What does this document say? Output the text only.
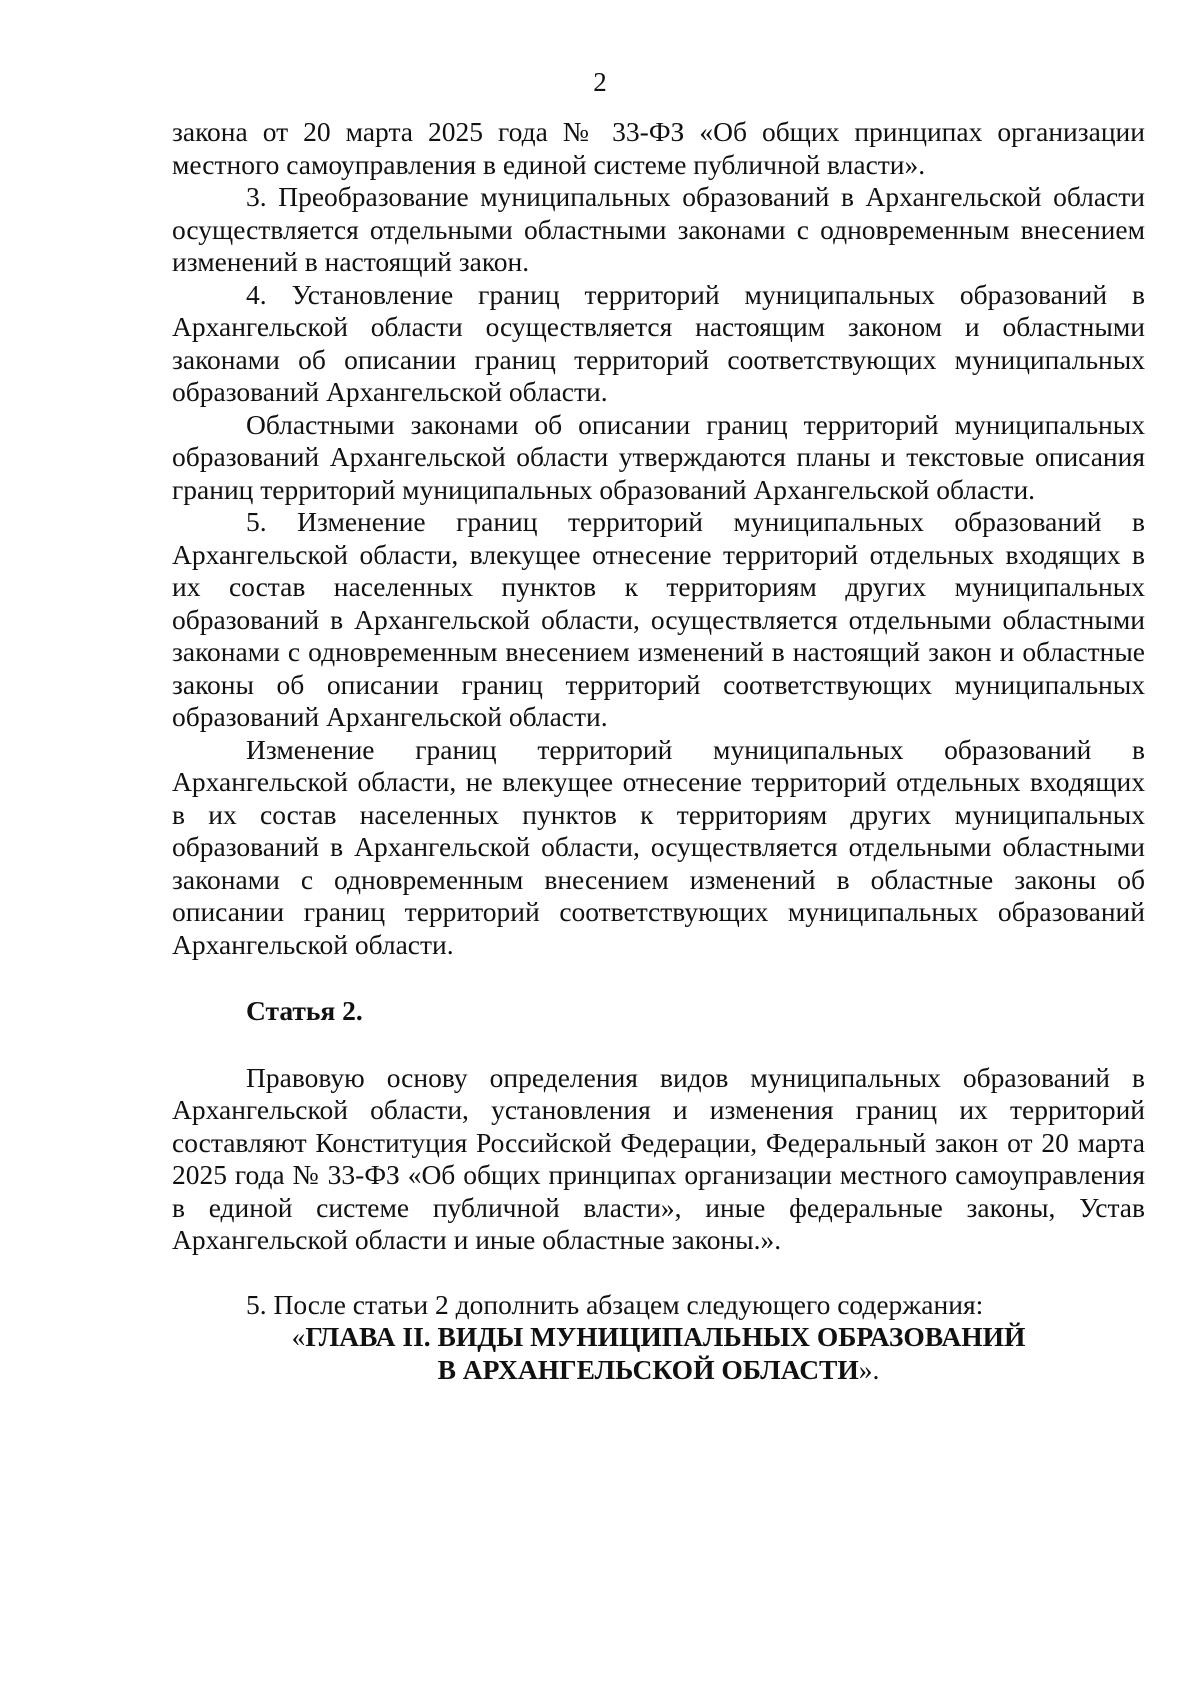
2

закона от 20 марта 2025 года № 33-ФЗ «Об общих принципах организации местного самоуправления в единой системе публичной власти».

3. Преобразование муниципальных образований в Архангельской области осуществляется отдельными областными законами с одновременным внесением изменений в настоящий закон.

4. Установление границ территорий муниципальных образований в Архангельской области осуществляется настоящим законом и областными законами об описании границ территорий соответствующих муниципальных образований Архангельской области.

Областными законами об описании границ территорий муниципальных образований Архангельской области утверждаются планы и текстовые описания границ территорий муниципальных образований Архангельской области.

5. Изменение границ территорий муниципальных образований в Архангельской области, влекущее отнесение территорий отдельных входящих в их состав населенных пунктов к территориям других муниципальных образований в Архангельской области, осуществляется отдельными областными законами с одновременным внесением изменений в настоящий закон и областные законы об описании границ территорий соответствующих муниципальных образований Архангельской области.

Изменение границ территорий муниципальных образований в Архангельской области, не влекущее отнесение территорий отдельных входящих в их состав населенных пунктов к территориям других муниципальных образований в Архангельской области, осуществляется отдельными областными законами с одновременным внесением изменений в областные законы об описании границ территорий соответствующих муниципальных образований Архангельской области.

Статья 2.

Правовую основу определения видов муниципальных образований в Архангельской области, установления и изменения границ их территорий составляют Конституция Российской Федерации, Федеральный закон от 20 марта 2025 года № 33-ФЗ «Об общих принципах организации местного самоуправления в единой системе публичной власти», иные федеральные законы, Устав Архангельской области и иные областные законы.».

5. После статьи 2 дополнить абзацем следующего содержания:

«ГЛАВА II. ВИДЫ МУНИЦИПАЛЬНЫХ ОБРАЗОВАНИЙ
В АРХАНГЕЛЬСКОЙ ОБЛАСТИ».
